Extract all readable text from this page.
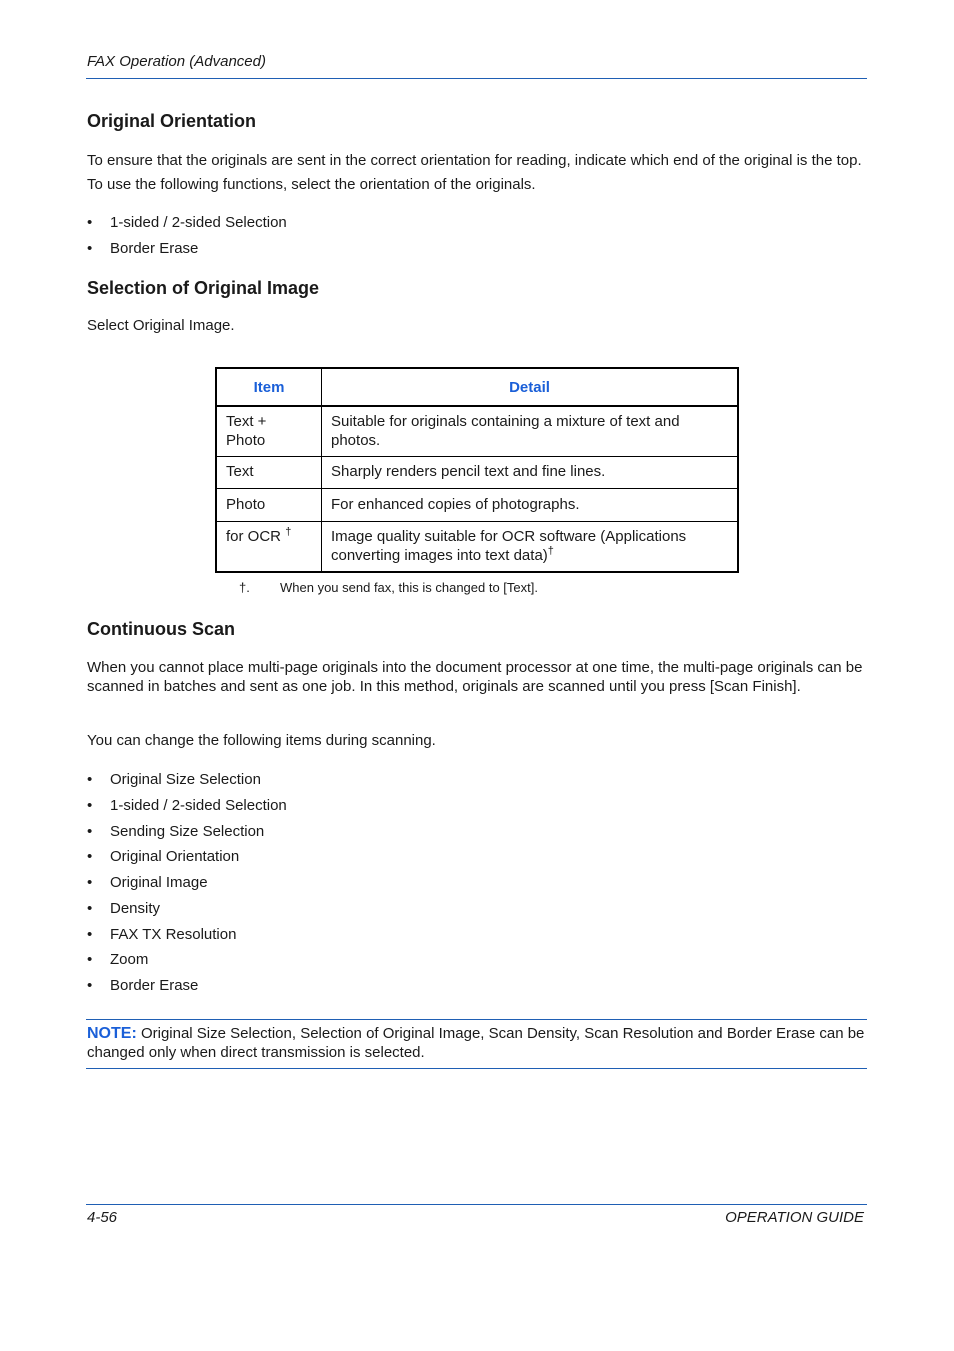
FAX Operation (Advanced)
Original Orientation
To ensure that the originals are sent in the correct orientation for reading, indicate which end of the original is the top. To use the following functions, select the orientation of the originals.
• 1-sided / 2-sided Selection
• Border Erase
Selection of Original Image
Select Original Image.
Item	Detail
Text + Photo	Suitable for originals containing a mixture of text and photos.
Text	Sharply renders pencil text and fine lines.
Photo	For enhanced copies of photographs.
for OCR †	Image quality suitable for OCR software (Applications converting images into text data)†
†. When you send fax, this is changed to [Text].
Continuous Scan
When you cannot place multi-page originals into the document processor at one time, the multi-page originals can be scanned in batches and sent as one job. In this method, originals are scanned until you press [Scan Finish].
You can change the following items during scanning.
• Original Size Selection
• 1-sided / 2-sided Selection
• Sending Size Selection
• Original Orientation
• Original Image
• Density
• FAX TX Resolution
• Zoom
• Border Erase
NOTE: Original Size Selection, Selection of Original Image, Scan Density, Scan Resolution and Border Erase can be changed only when direct transmission is selected.
4-56	OPERATION GUIDE
